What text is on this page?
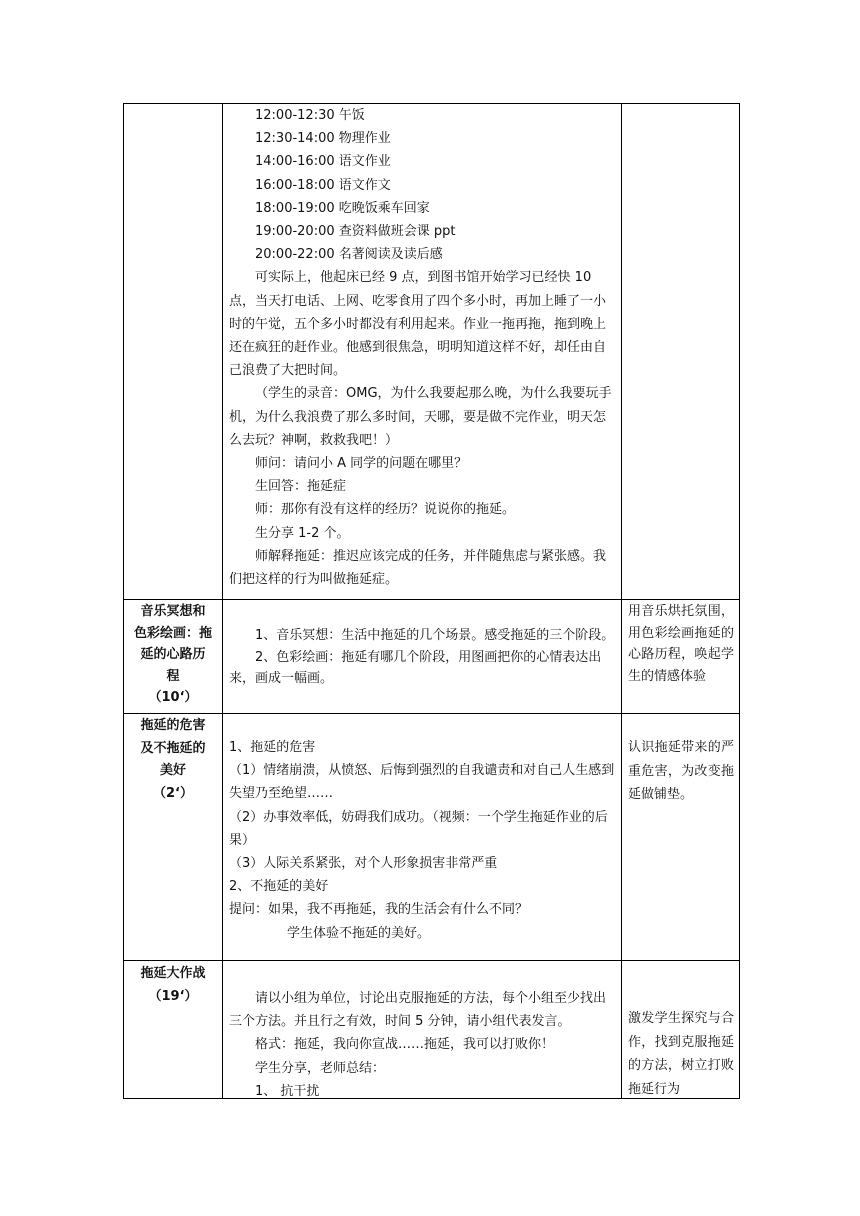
12:00-12:30 午饭

12:30-14:00 物理作业

14:00-16:00 语文作业

16:00-18:00 语文作文

18:00-19:00 吃晚饭乘车回家

19:00-20:00 查资料做班会课 ppt

20:00-22:00 名著阅读及读后感

可实际上，他起床已经 9 点，到图书馆开始学习已经快 10 点，当天打电话、上网、吃零食用了四个多小时，再加上睡了一小时的午觉，五个多小时都没有利用起来。作业一拖再拖，拖到晚上还在疯狂的赶作业。他感到很焦急，明明知道这样不好，却任由自己浪费了大把时间。

（学生的录音：OMG，为什么我要起那么晚，为什么我要玩手机，为什么我浪费了那么多时间，天哪，要是做不完作业，明天怎么去玩？神啊，救救我吧！）

师问：请问小 A 同学的问题在哪里？

生回答：拖延症

师：那你有没有这样的经历？说说你的拖延。

生分享 1-2 个。

师解释拖延：推迟应该完成的任务，并伴随焦虑与紧张感。我们把这样的行为叫做拖延症。

音乐冥想和

色彩绘画：拖

延的心路历

程

（10‘）

1、音乐冥想：生活中拖延的几个场景。感受拖延的三个阶段。

2、色彩绘画：拖延有哪几个阶段，用图画把你的心情表达出来，画成一幅画。

用音乐烘托氛围，用色彩绘画拖延的心路历程，唤起学生的情感体验

拖延的危害

及不拖延的

美好

（2‘）

1、拖延的危害

（1）情绪崩溃，从愤怒、后悔到强烈的自我谴责和对自己人生感到失望乃至绝望……

（2）办事效率低，妨碍我们成功。（视频：一个学生拖延作业的后果）

（3）人际关系紧张，对个人形象损害非常严重

2、不拖延的美好

提问：如果，我不再拖延，我的生活会有什么不同？

学生体验不拖延的美好。

认识拖延带来的严重危害，为改变拖延做铺垫。

拖延大作战

（19‘）	请以小组为单位，讨论出克服拖延的方法，每个小组至少找出三个方法。并且行之有效，时间 5 分钟，请小组代表发言。

格式：拖延，我向你宣战……拖延，我可以打败你！

学生分享，老师总结：

1、 抗干扰

激发学生探究与合作，找到克服拖延的方法，树立打败拖延行为
